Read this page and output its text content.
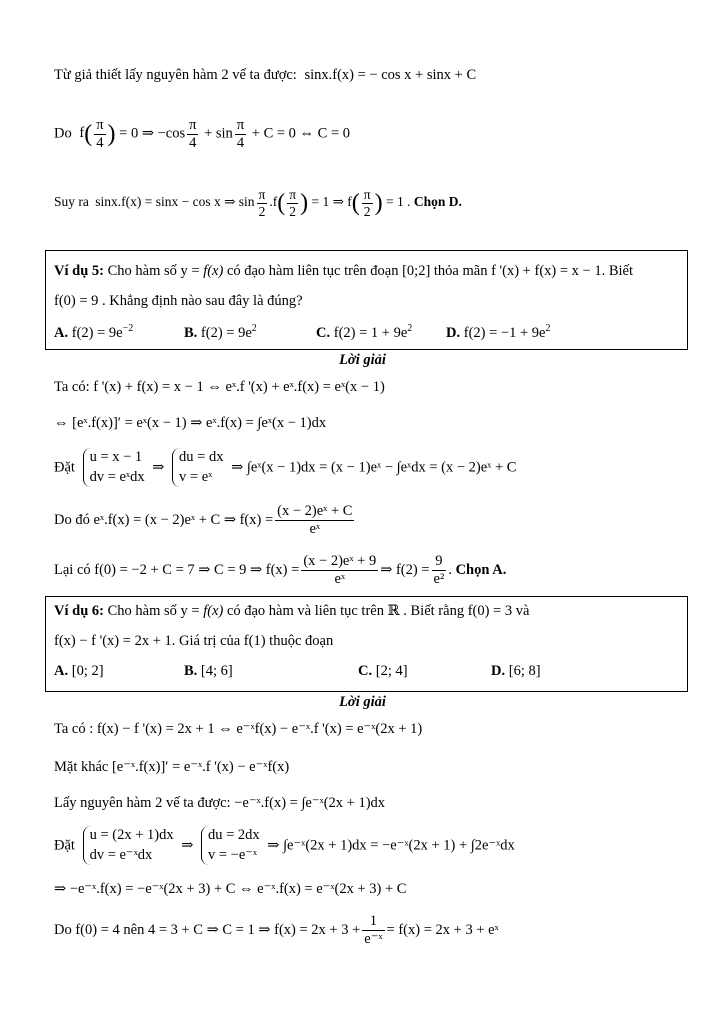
Từ giả thiết lấy nguyên hàm 2 vế ta được: sinx.f(x) = − cos x + sinx + C
Do $f( \frac{\pi}{4}$ ) = 0 ⇒ $-\cos \frac{\pi}{4} + \sin \frac{\pi}{4} + C = 0$ ⇔ C = 0
Suy ra sinx.f(x) = sinx − cos x ⇒ $\sin \frac{\pi}{2} .f( \frac{\pi}{2}$ ) = 1 ⇒ $f( \frac{\pi}{2}$ ) = 1 . Chọn D.
Ví dụ 5: Cho hàm số y = f(x) có đạo hàm liên tục trên đoạn [0;2] thỏa mãn f '(x) + f(x) = x − 1. Biết
f(0) = 9 . Khẳng định nào sau đây là đúng?
A. $f(2) = 9e^{-2}$	B. $f(2) = 9e^2$	C. $f(2) = 1 + 9e^2$ D. $f(2) = -1 + 9e^2$
Lời giải
Ta có: f '(x) + f(x) = x − 1 ⇔ eˣ.f '(x) + eˣ.f(x) = eˣ(x − 1)
⇔ [eˣ.f(x)]′ = eˣ(x − 1) ⇒ eˣ.f(x) = ∫eˣ(x − 1)dx
Đặt
u = x − 1
dv = eˣdx
⇒
du = dx
v = eˣ
⇒ ∫eˣ(x − 1)dx = (x − 1)eˣ − ∫eˣdx = (x − 2)eˣ + C
Do đó eˣ.f(x) = (x − 2)eˣ + C ⇒ $f(x) = \frac{\text{(x − 2)eˣ + C}}{\text{eˣ}}$
Lại có f(0) = −2 + C = 7 ⇒ C = 9 ⇒ $f(x) = \frac{\text{(x − 2)eˣ + 9}}{\text{eˣ}}$ ⇒ $f(2) = \frac{9}{\text{e²}}$ . Chọn A.
Ví dụ 6: Cho hàm số y = f(x) có đạo hàm và liên tục trên ℝ . Biết rằng f(0) = 3 và
f(x) − f '(x) = 2x + 1. Giá trị của f(1) thuộc đoạn
A. [0; 2]	B. [4; 6]	C. [2; 4]	D. [6; 8]
Lời giải
Ta có : f(x) − f '(x) = 2x + 1 ⇔ e⁻ˣf(x) − e⁻ˣ.f '(x) = e⁻ˣ(2x + 1)
Mặt khác [e⁻ˣ.f(x)]′ = e⁻ˣ.f '(x) − e⁻ˣf(x)
Lấy nguyên hàm 2 vế ta được: −e⁻ˣ.f(x) = ∫e⁻ˣ(2x + 1)dx
Đặt
u = (2x + 1)dx
dv = e⁻ˣdx
⇒
du = 2dx
v = −e⁻ˣ
⇒ ∫e⁻ˣ(2x + 1)dx = −e⁻ˣ(2x + 1) + ∫2e⁻ˣdx
⇒ −e⁻ˣ.f(x) = −e⁻ˣ(2x + 3) + C ⇔ e⁻ˣ.f(x) = e⁻ˣ(2x + 3) + C
Do f(0) = 4 nên 4 = 3 + C ⇒ C = 1 ⇒ $f(x) = 2x + 3 + \frac{1}{\text{e⁻ˣ}} = f(x) = 2x + 3$ + eˣ
